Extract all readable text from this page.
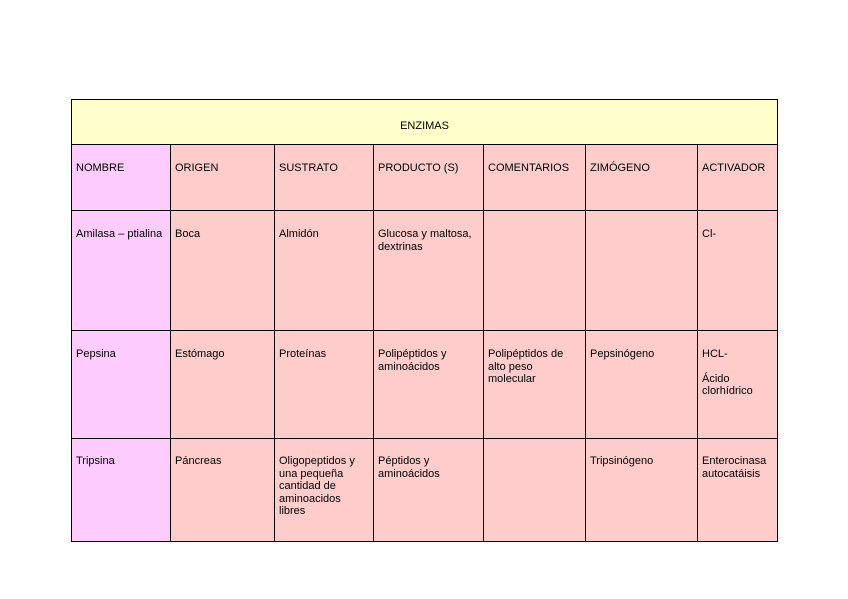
ENZIMAS						
NOMBRE	ORIGEN	SUSTRATO	PRODUCTO (S)	COMENTARIOS	ZIMÓGENO	ACTIVADOR
Amilasa – ptialina	Boca	Almidón	Glucosa y maltosa, dextrinas			Cl-
Pepsina	Estómago	Proteínas	Polipéptidos y aminoácidos	Polipéptidos de alto peso molecular	Pepsinógeno	HCL-
Ácido clorhídrico

Tripsina	Páncreas	Oligopeptidos y una pequeña cantidad de aminoacidos libres	Péptidos y aminoácidos		Tripsinógeno	Enterocinasa autocatáisis
